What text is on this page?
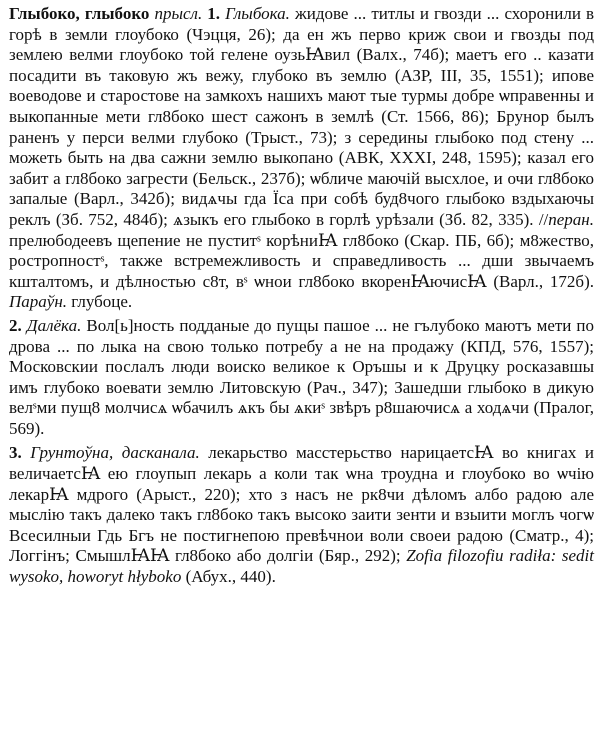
Глыбоко, глыбоко прысл. 1. Глыбока. жидове ... титлы и гвозди ... схоронили в горѣ в земли глоубоко (Чэцця, 26); да ен жъ перво криж свои и гвозды под землею велми глоубоко той гелене оузьꙖвил (Валх., 74б); маетъ его .. казати посадити въ таковую жъ вежу, глубоко въ землю (АЗР, III, 35, 1551); ипове воеводове и старостове на замкохъ нашихъ мают тые турмы добре ѡправенны и выкопанные мети гл8боко шест сажонъ в землѣ (Ст. 1566, 86); Брунор былъ раненъ у перси велми глубоко (Трыст., 73); з середины глыбоко под стену ... можеть быть на два сажни землю выкопано (АВК, XXXI, 248, 1595); казал его забит а гл8боко загрести (Бельск., 237б); ѡбличе маючiй высхлое, и очи гл8боко запалые (Варл., 342б); видѧчы гда Їса при собѣ буд8чого глыбоко вздыхаючы реклъ (Зб. 752, 484б); ѧзыкъ его глыбоко в горлѣ урѣзали (Зб. 82, 335). //перан. прелюбодеевъ щепение не пуститˢ корѣниꙖ гл8боко (Скар. ПБ, 6б); м8жество, ростропностˢ, также встремежливость и справедливость ... дши звычаемъ кшталтомъ, и дѣлностью с8т, вˢ ѡнои гл8боко вкоренꙖючисꙖ (Варл., 172б). Параўн. глубоце.

2. Далёка. Вол[ь]ность подданые до пущы пашое ... не гълубоко маютъ мети по дрова ... по лыка на свою только потребу а не на продажу (КПД, 576, 1557); Московскии послалъ люди воиско великое к Оръшы и к Друцку росказавшы имъ глубоко воевати землю Литовскую (Рач., 347); Зашедши глыбоко в дикую велˢми пущ8 молчисѧ ѡбачилъ ѧкъ бы ѧкиˢ звѣръ р8шаючисѧ а ходѧчи (Пралог, 569).

3. Грунтоўна, дасканала. лекарьство масстерьство нарицаетсꙖ во книгах и величаетсꙖ ею глоупып лекарь а коли так ѡна троудна и глоубоко во ѡчiю лекарꙖ мдрого (Арыст., 220); хто з насъ не рк8чи дѣломъ албо радою але мыслiю такъ далеко такъ гл8боко такъ высоко заити зенти и взыити моглъ чогѡ Всесилныи Гдь Бгъ не постигнепою превѣчнои воли своеи радою (Сматр., 4); Логгiнъ; СмышлꙖꙖ гл8боко або долгiи (Бяр., 292); Zofia filozofiu radiła: sedit wysoko, howoryt hłyboko (Абух., 440).
